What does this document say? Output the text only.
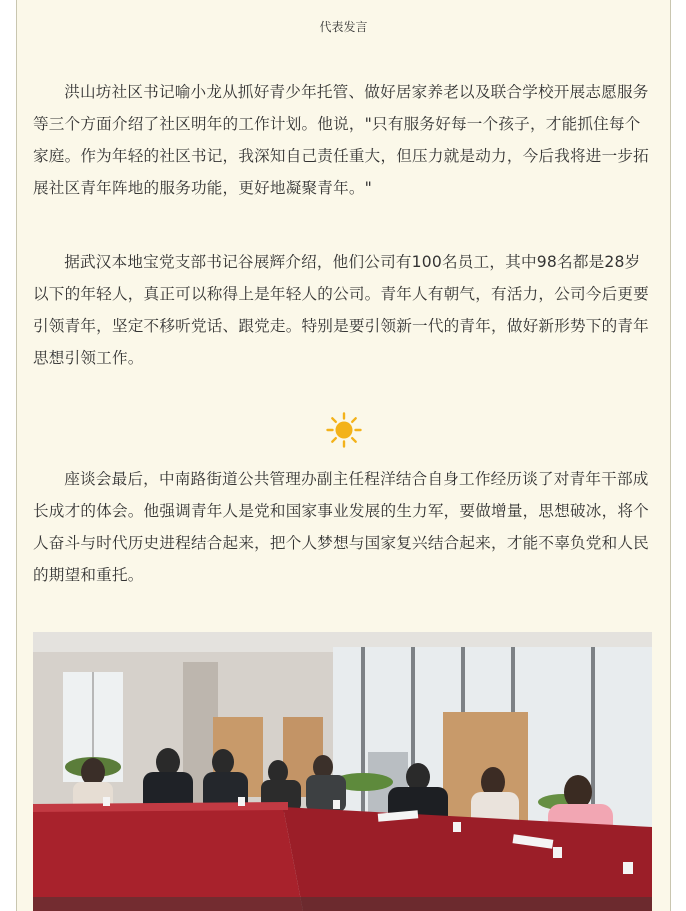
代表发言

洪山坊社区书记喻小龙从抓好青少年托管、做好居家养老以及联合学校开展志愿服务等三个方面介绍了社区明年的工作计划。他说，"只有服务好每一个孩子，才能抓住每个家庭。作为年轻的社区书记，我深知自己责任重大，但压力就是动力，今后我将进一步拓展社区青年阵地的服务功能，更好地凝聚青年。"

据武汉本地宝党支部书记谷展辉介绍，他们公司有100名员工，其中98名都是28岁以下的年轻人，真正可以称得上是年轻人的公司。青年人有朝气，有活力，公司今后更要引领青年，坚定不移听党话、跟党走。特别是要引领新一代的青年，做好新形势下的青年思想引领工作。

座谈会最后，中南路街道公共管理办副主任程洋结合自身工作经历谈了对青年干部成长成才的体会。他强调青年人是党和国家事业发展的生力军，要做增量，思想破冰，将个人奋斗与时代历史进程结合起来，把个人梦想与国家复兴结合起来，才能不辜负党和人民的期望和重托。
